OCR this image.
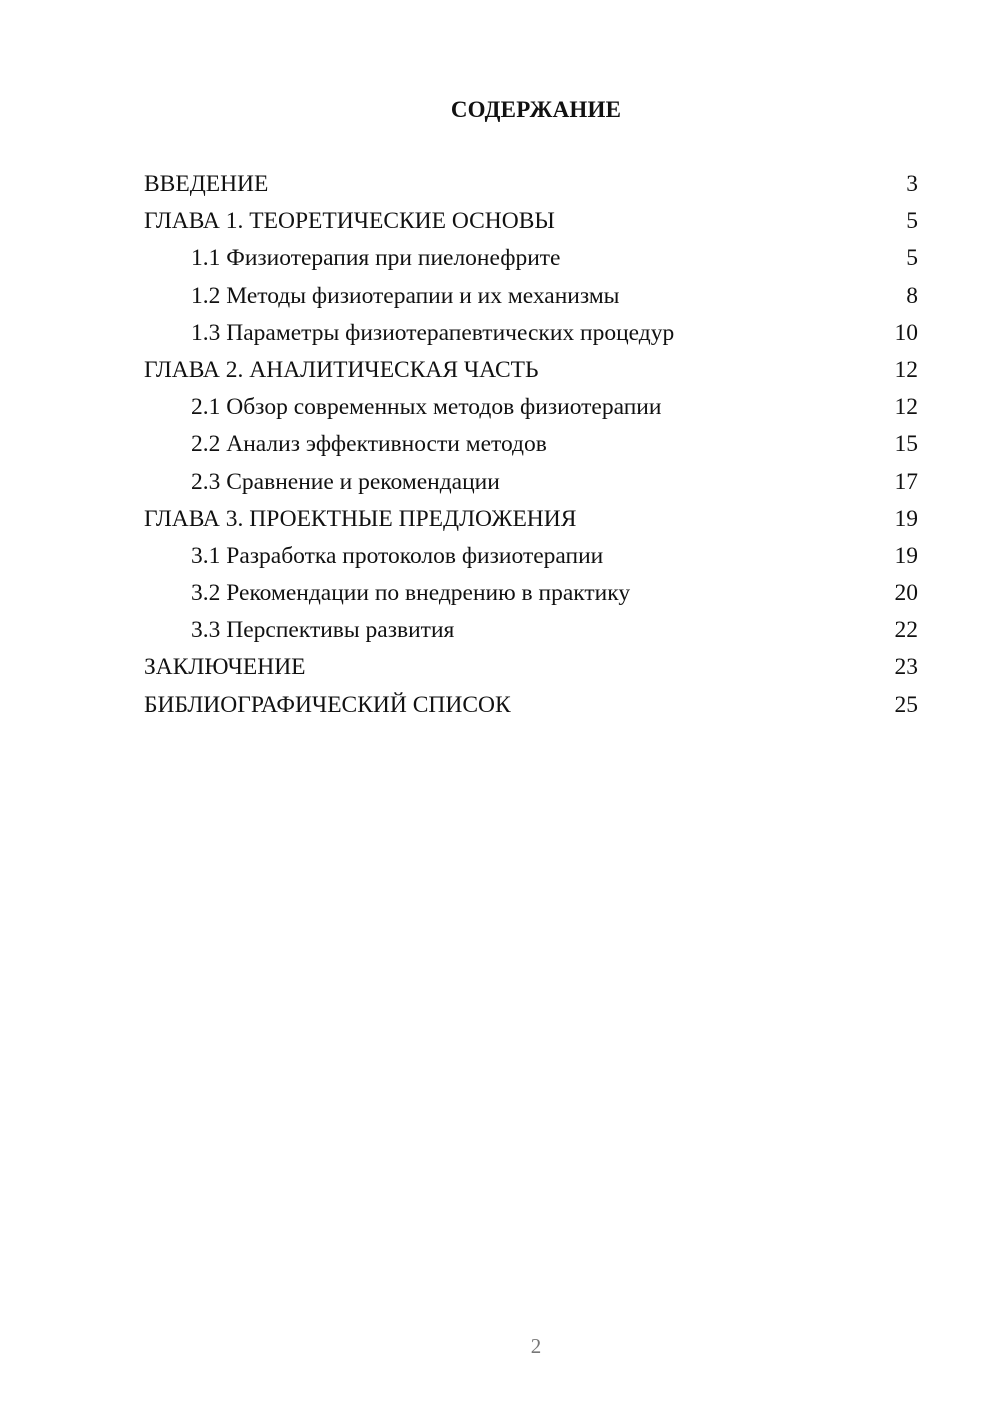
СОДЕРЖАНИЕ
ВВЕДЕНИЕ	3
ГЛАВА 1. ТЕОРЕТИЧЕСКИЕ ОСНОВЫ	5
1.1 Физиотерапия при пиелонефрите	5
1.2 Методы физиотерапии и их механизмы	8
1.3 Параметры физиотерапевтических процедур	10
ГЛАВА 2. АНАЛИТИЧЕСКАЯ ЧАСТЬ	12
2.1 Обзор современных методов физиотерапии	12
2.2 Анализ эффективности методов	15
2.3 Сравнение и рекомендации	17
ГЛАВА 3. ПРОЕКТНЫЕ ПРЕДЛОЖЕНИЯ	19
3.1 Разработка протоколов физиотерапии	19
3.2 Рекомендации по внедрению в практику	20
3.3 Перспективы развития	22
ЗАКЛЮЧЕНИЕ	23
БИБЛИОГРАФИЧЕСКИЙ СПИСОК	25
2
